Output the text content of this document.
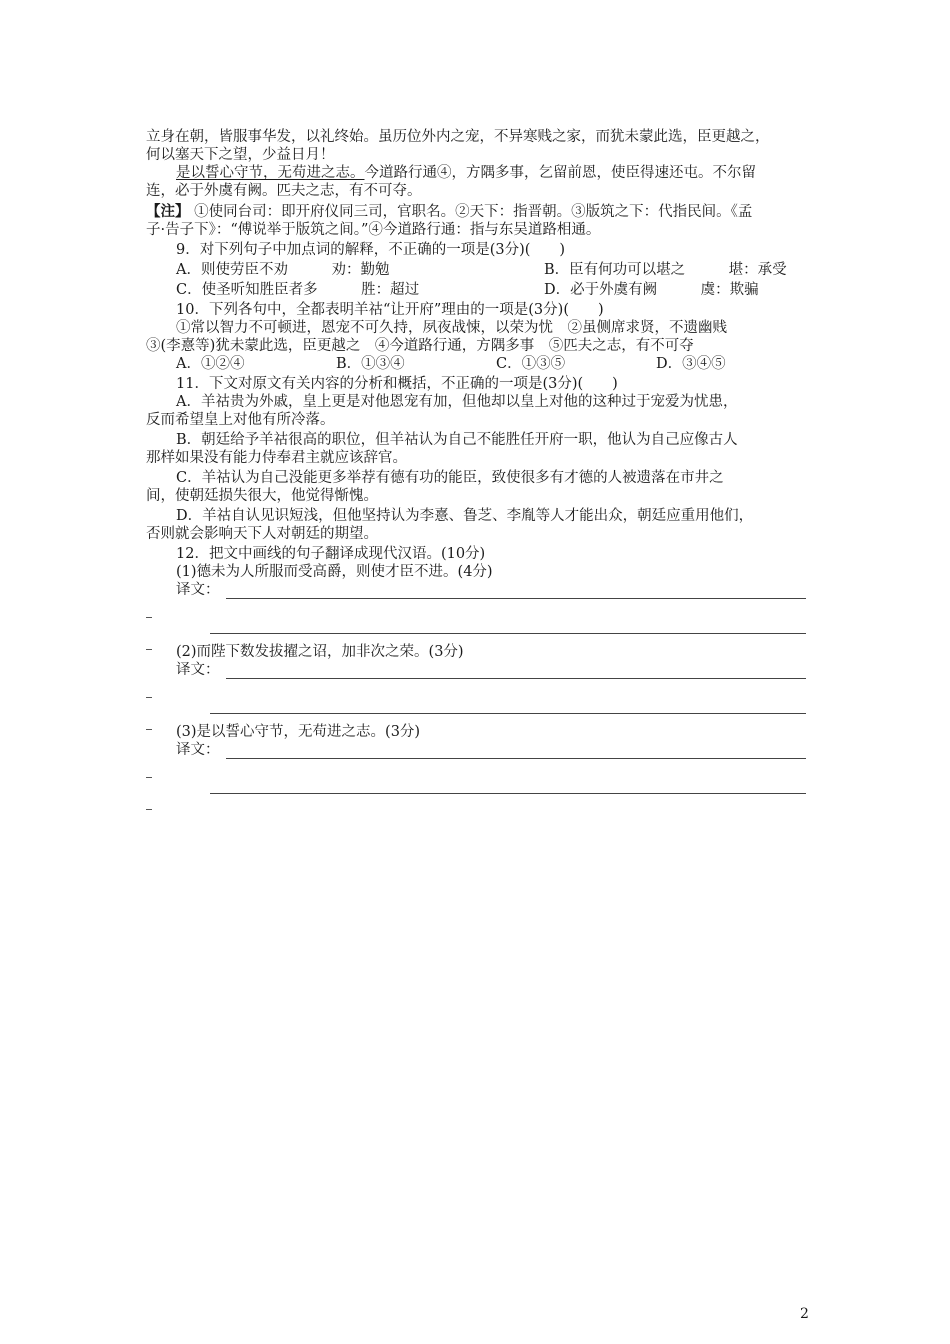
立身在朝，皆服事华发，以礼终始。虽历位外内之宠，不异寒贱之家，而犹未蒙此选，臣更越之，
何以塞天下之望，少益日月！
是以誓心守节，无苟进之志。今道路行通④，方隅多事，乞留前恩，使臣得速还屯。不尔留
连，必于外虞有阙。匹夫之志，有不可夺。
【注】 ①使同台司：即开府仪同三司，官职名。②天下：指晋朝。③版筑之下：代指民间。《孟
子·告子下》：“傅说举于版筑之间。”④今道路行通：指与东吴道路相通。
9．对下列句子中加点词的解释，不正确的一项是(3分)(　　)
A．则使劳臣不劝　　　劝：勤勉	B．臣有何功可以堪之　　　堪：承受
C．使圣听知胜臣者多　　　胜：超过	D．必于外虞有阙　　　虞：欺骗
10．下列各句中，全都表明羊祜“让开府”理由的一项是(3分)(　　)
①常以智力不可顿进，恩宠不可久持，夙夜战悚，以荣为忧　②虽侧席求贤，不遗幽贱
③(李憙等)犹未蒙此选，臣更越之　④今道路行通，方隅多事　⑤匹夫之志，有不可夺
A．①②④	B．①③④	C．①③⑤	D．③④⑤
11．下文对原文有关内容的分析和概括，不正确的一项是(3分)(　　)
A．羊祜贵为外戚，皇上更是对他恩宠有加，但他却以皇上对他的这种过于宠爱为忧患，
反而希望皇上对他有所冷落。
B．朝廷给予羊祜很高的职位，但羊祜认为自己不能胜任开府一职，他认为自己应像古人
那样如果没有能力侍奉君主就应该辞官。
C．羊祜认为自己没能更多举荐有德有功的能臣，致使很多有才德的人被遗落在市井之
间，使朝廷损失很大，他觉得惭愧。
D．羊祜自认见识短浅，但他坚持认为李憙、鲁芝、李胤等人才能出众，朝廷应重用他们，
否则就会影响天下人对朝廷的期望。
12．把文中画线的句子翻译成现代汉语。(10分)
(1)德未为人所服而受高爵，则使才臣不进。(4分)
译文：
(2)而陛下数发拔擢之诏，加非次之荣。(3分)
译文：
(3)是以誓心守节，无苟进之志。(3分)
译文：
2
